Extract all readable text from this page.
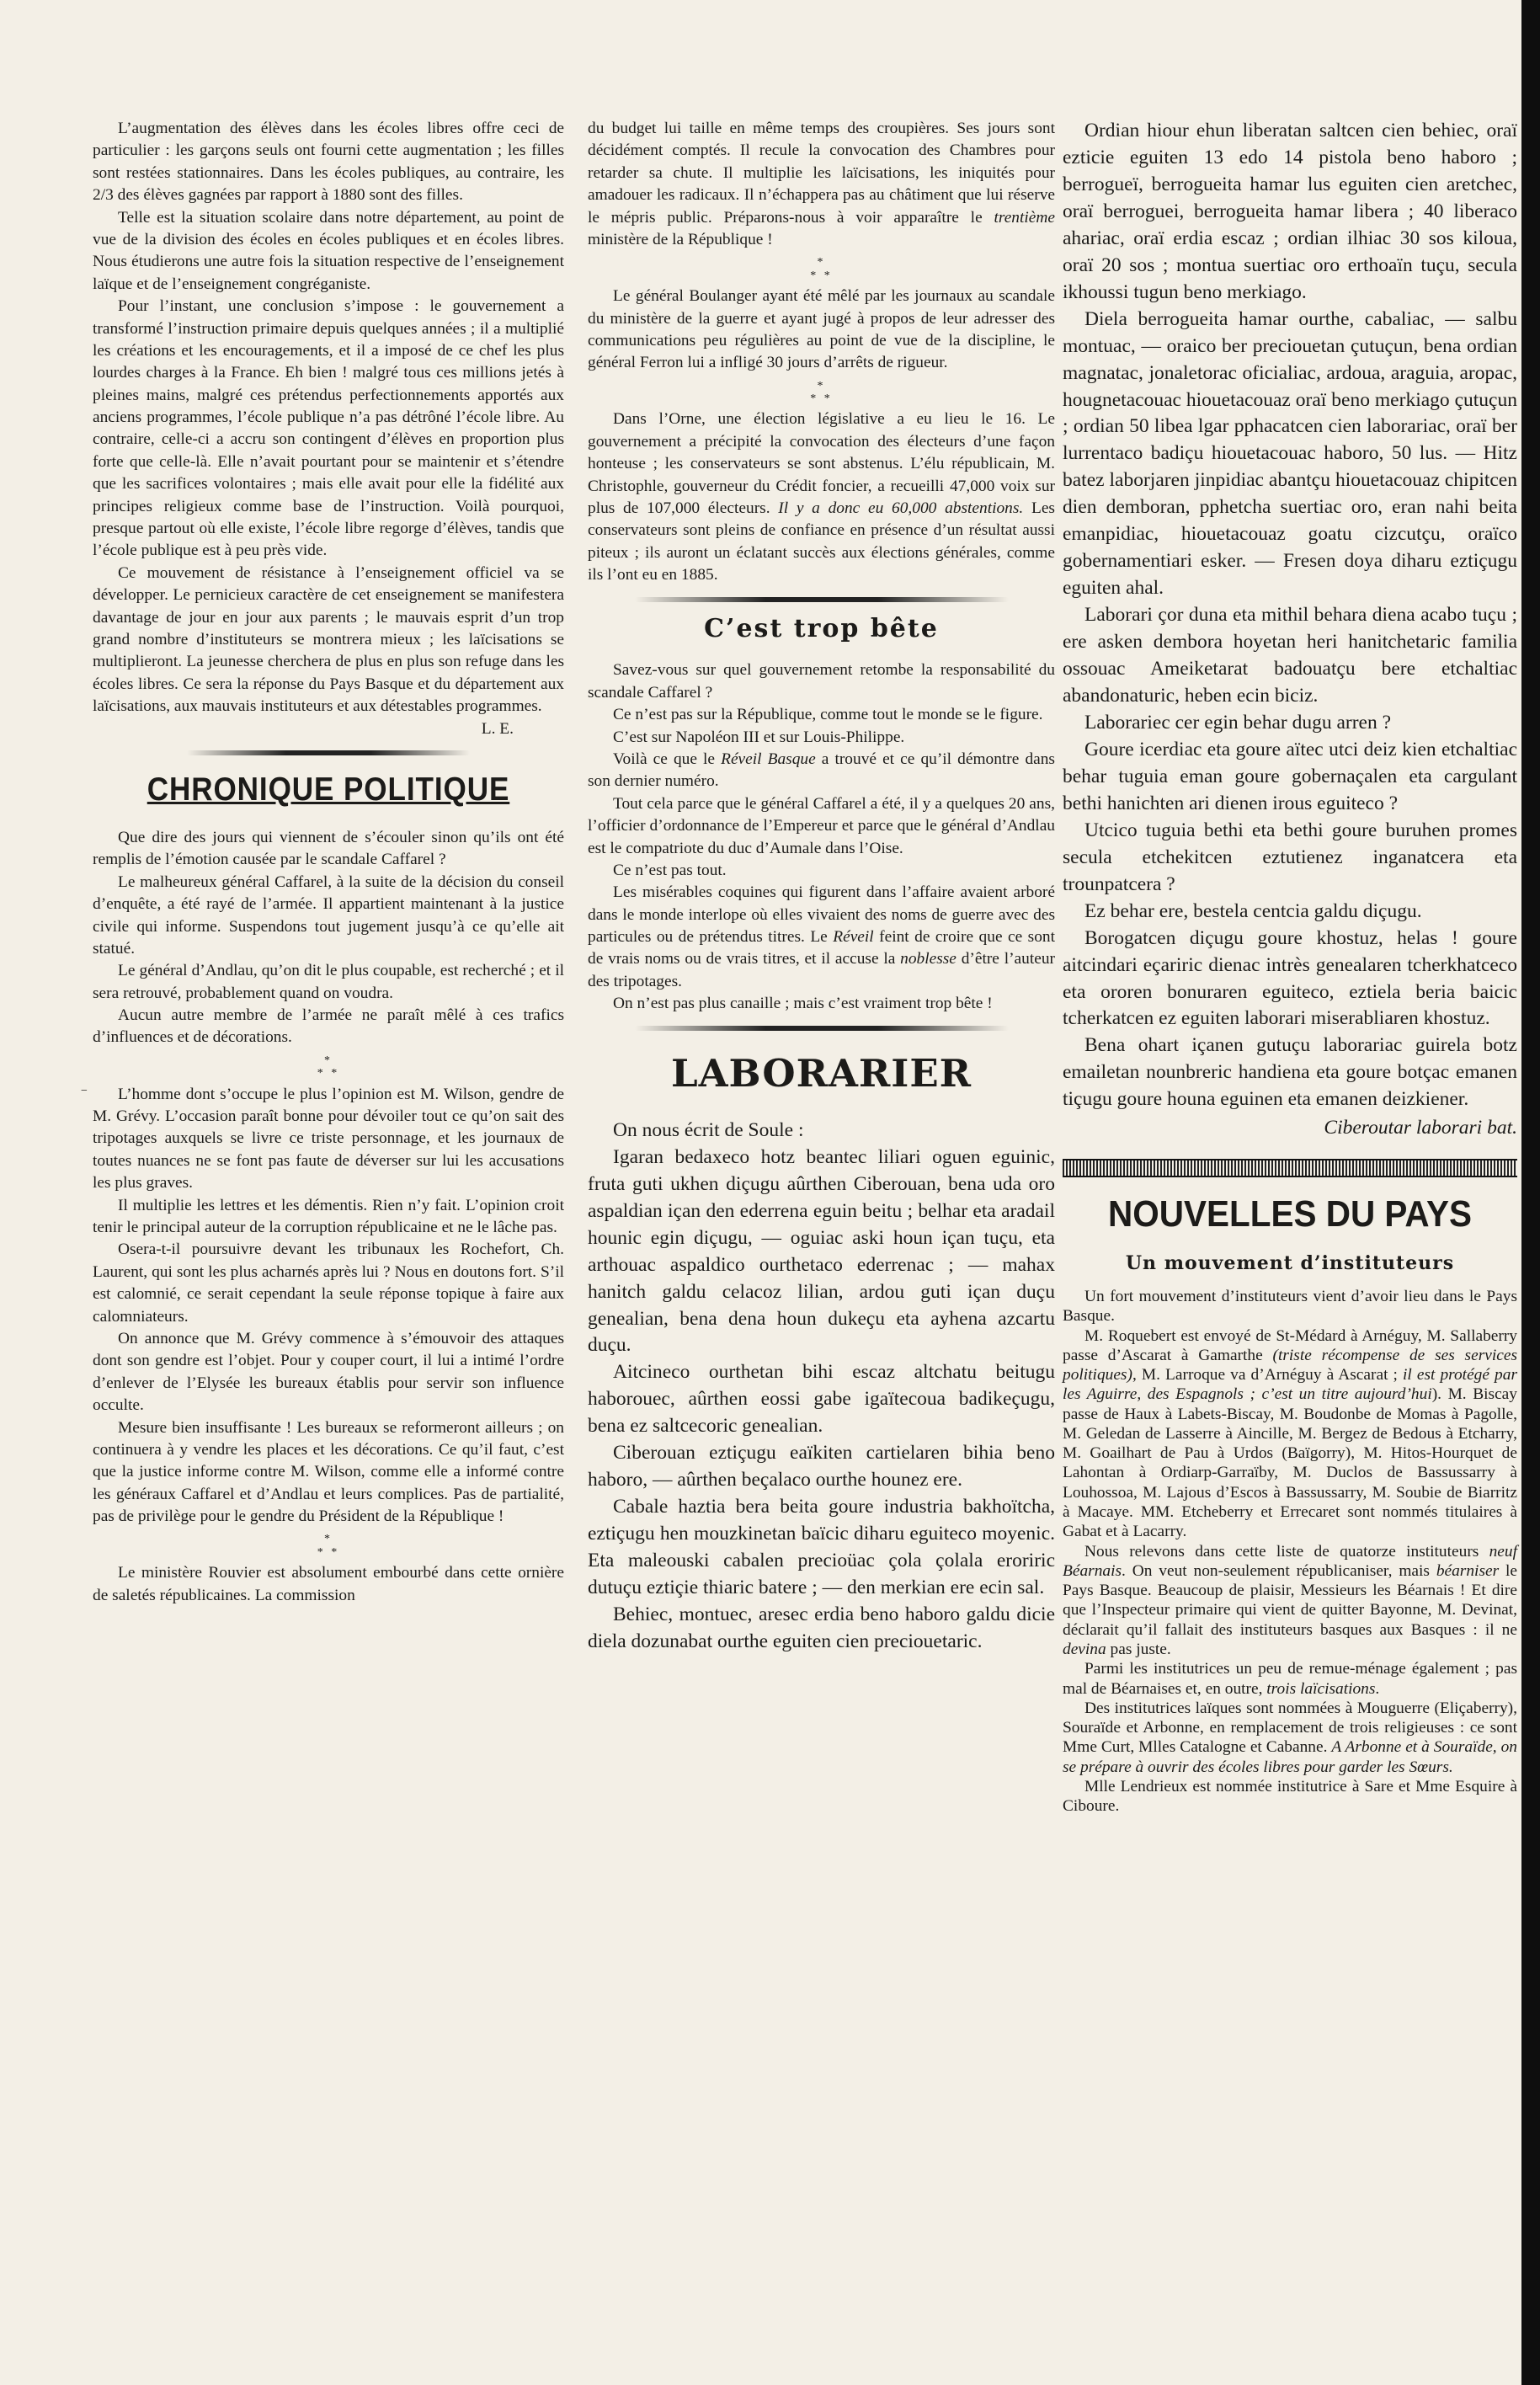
−

L’augmentation des élèves dans les écoles libres offre ceci de particulier : les garçons seuls ont fourni cette augmentation ; les filles sont restées stationnaires. Dans les écoles publiques, au contraire, les 2/3 des élèves gagnées par rapport à 1880 sont des filles.

Telle est la situation scolaire dans notre département, au point de vue de la division des écoles en écoles publiques et en écoles libres. Nous étudierons une autre fois la situation respective de l’enseignement laïque et de l’enseignement congréganiste.

Pour l’instant, une conclusion s’impose : le gouvernement a transformé l’instruction primaire depuis quelques années ; il a multiplié les créations et les encouragements, et il a imposé de ce chef les plus lourdes charges à la France. Eh bien ! malgré tous ces millions jetés à pleines mains, malgré ces prétendus perfectionnements apportés aux anciens programmes, l’école publique n’a pas détrôné l’école libre. Au contraire, celle-ci a accru son contingent d’élèves en proportion plus forte que celle-là. Elle n’avait pourtant pour se maintenir et s’étendre que les sacrifices volontaires ; mais elle avait pour elle la fidélité aux principes religieux comme base de l’instruction. Voilà pourquoi, presque partout où elle existe, l’école libre regorge d’élèves, tandis que l’école publique est à peu près vide.

Ce mouvement de résistance à l’enseignement officiel va se développer. Le pernicieux caractère de cet enseignement se manifestera davantage de jour en jour aux parents ; le mauvais esprit d’un trop grand nombre d’instituteurs se montrera mieux ; les laïcisations se multiplieront. La jeunesse cherchera de plus en plus son refuge dans les écoles libres. Ce sera la réponse du Pays Basque et du département aux laïcisations, aux mauvais instituteurs et aux détestables programmes.

L. E.

CHRONIQUE POLITIQUE

Que dire des jours qui viennent de s’écouler sinon qu’ils ont été remplis de l’émotion causée par le scandale Caffarel ?

Le malheureux général Caffarel, à la suite de la décision du conseil d’enquête, a été rayé de l’armée. Il appartient maintenant à la justice civile qui informe. Suspendons tout jugement jusqu’à ce qu’elle ait statué.

Le général d’Andlau, qu’on dit le plus coupable, est recherché ; et il sera retrouvé, probablement quand on voudra.

Aucun autre membre de l’armée ne paraît mêlé à ces trafics d’influences et de décorations.

*
* *

L’homme dont s’occupe le plus l’opinion est M. Wilson, gendre de M. Grévy. L’occasion paraît bonne pour dévoiler tout ce qu’on sait des tripotages auxquels se livre ce triste personnage, et les journaux de toutes nuances ne se font pas faute de déverser sur lui les accusations les plus graves.

Il multiplie les lettres et les démentis. Rien n’y fait. L’opinion croit tenir le principal auteur de la corruption républicaine et ne le lâche pas.

Osera-t-il poursuivre devant les tribunaux les Rochefort, Ch. Laurent, qui sont les plus acharnés après lui ? Nous en doutons fort. S’il est calomnié, ce serait cependant la seule réponse topique à faire aux calomniateurs.

On annonce que M. Grévy commence à s’émouvoir des attaques dont son gendre est l’objet. Pour y couper court, il lui a intimé l’ordre d’enlever de l’Elysée les bureaux établis pour servir son influence occulte.

Mesure bien insuffisante ! Les bureaux se reformeront ailleurs ; on continuera à y vendre les places et les décorations. Ce qu’il faut, c’est que la justice informe contre M. Wilson, comme elle a informé contre les généraux Caffarel et d’Andlau et leurs complices. Pas de partialité, pas de privilège pour le gendre du Président de la République !

*
* *

Le ministère Rouvier est absolument embourbé dans cette ornière de saletés républicaines. La commission

du budget lui taille en même temps des croupières. Ses jours sont décidément comptés. Il recule la convocation des Chambres pour retarder sa chute. Il multiplie les laïcisations, les iniquités pour amadouer les radicaux. Il n’échappera pas au châtiment que lui réserve le mépris public. Préparons-nous à voir apparaître le trentième ministère de la République !

*
* *

Le général Boulanger ayant été mêlé par les journaux au scandale du ministère de la guerre et ayant jugé à propos de leur adresser des communications peu régulières au point de vue de la discipline, le général Ferron lui a infligé 30 jours d’arrêts de rigueur.

*
* *

Dans l’Orne, une élection législative a eu lieu le 16. Le gouvernement a précipité la convocation des électeurs d’une façon honteuse ; les conservateurs se sont abstenus. L’élu républicain, M. Christophle, gouverneur du Crédit foncier, a recueilli 47,000 voix sur plus de 107,000 électeurs. Il y a donc eu 60,000 abstentions. Les conservateurs sont pleins de confiance en présence d’un résultat aussi piteux ; ils auront un éclatant succès aux élections générales, comme ils l’ont eu en 1885.

C’est trop bête

Savez-vous sur quel gouvernement retombe la responsabilité du scandale Caffarel ?

Ce n’est pas sur la République, comme tout le monde se le figure.

C’est sur Napoléon III et sur Louis-Philippe.

Voilà ce que le Réveil Basque a trouvé et ce qu’il démontre dans son dernier numéro.

Tout cela parce que le général Caffarel a été, il y a quelques 20 ans, l’officier d’ordonnance de l’Empereur et parce que le général d’Andlau est le compatriote du duc d’Aumale dans l’Oise.

Ce n’est pas tout.

Les misérables coquines qui figurent dans l’affaire avaient arboré dans le monde interlope où elles vivaient des noms de guerre avec des particules ou de prétendus titres. Le Réveil feint de croire que ce sont de vrais noms ou de vrais titres, et il accuse la noblesse d’être l’auteur des tripotages.

On n’est pas plus canaille ; mais c’est vraiment trop bête !

LABORARIER

On nous écrit de Soule :

Igaran bedaxeco hotz beantec liliari oguen eguinic, fruta guti ukhen diçugu aûrthen Ciberouan, bena uda oro aspaldian içan den ederrena eguin beitu ; belhar eta aradail hounic egin diçugu, — oguiac aski houn içan tuçu, eta arthouac aspaldico ourthetaco ederrenac ; — mahax hanitch galdu celacoz lilian, ardou guti içan duçu genealian, bena dena houn dukeçu eta ayhena azcartu duçu.

Aitcineco ourthetan bihi escaz altchatu beitugu haborouec, aûrthen eossi gabe igaïtecoua badikeçugu, bena ez saltcecoric genealian.

Ciberouan eztiçugu eaïkiten cartielaren bihia beno haboro, — aûrthen beçalaco ourthe hounez ere.

Cabale haztia bera beita goure industria bakhoïtcha, eztiçugu hen mouzkinetan baïcic diharu eguiteco moyenic. Eta maleouski cabalen precioüac çola çolala eroriric dutuçu eztiçie thiaric batere ; — den merkian ere ecin sal.

Behiec, montuec, aresec erdia beno haboro galdu dicie diela dozunabat ourthe eguiten cien preciouetaric.

Ordian hiour ehun liberatan saltcen cien behiec, oraï ezticie eguiten 13 edo 14 pistola beno haboro ; berrogueï, berrogueita hamar lus eguiten cien aretchec, oraï berroguei, berrogueita hamar libera ; 40 liberaco ahariac, oraï erdia escaz ; ordian ilhiac 30 sos kiloua, oraï 20 sos ; montua suertiac oro erthoaïn tuçu, secula ikhoussi tugun beno merkiago.

Diela berrogueita hamar ourthe, cabaliac, — salbu montuac, — oraico ber preciouetan çutuçun, bena ordian magnatac, jonaletorac oficialiac, ardoua, araguia, aropac, hougnetacouac hiouetacouaz oraï beno merkiago çutuçun ; ordian 50 libea lgar pphacatcen cien laborariac, oraï ber lurrentaco badiçu hiouetacouac haboro, 50 lus. — Hitz batez laborjaren jinpidiac abantçu hiouetacouaz chipitcen dien demboran, pphetcha suertiac oro, eran nahi beita emanpidiac, hiouetacouaz goatu cizcutçu, oraïco gobernamentiari esker. — Fresen doya diharu eztiçugu eguiten ahal.

Laborari çor duna eta mithil behara diena acabo tuçu ; ere asken dembora hoyetan heri hanitchetaric familia ossouac Ameiketarat badouatçu bere etchaltiac abandonaturic, heben ecin biciz.

Laborariec cer egin behar dugu arren ?

Goure icerdiac eta goure aïtec utci deiz kien etchaltiac behar tuguia eman goure gobernaçalen eta cargulant bethi hanichten ari dienen irous eguiteco ?

Utcico tuguia bethi eta bethi goure buruhen promes secula etchekitcen eztutienez inganatcera eta trounpatcera ?

Ez behar ere, bestela centcia galdu diçugu.

Borogatcen diçugu goure khostuz, helas ! goure aitcindari eçariric dienac intrès genealaren tcherkhatceco eta ororen bonuraren eguiteco, eztiela beria baicic tcherkatcen ez eguiten laborari miserabliaren khostuz.

Bena ohart içanen gutuçu laborariac guirela botz emailetan nounbreric handiena eta goure botçac emanen tiçugu goure houna eguinen eta emanen deizkiener.

Ciberoutar laborari bat.

NOUVELLES DU PAYS
Un mouvement d’instituteurs

Un fort mouvement d’instituteurs vient d’avoir lieu dans le Pays Basque.

M. Roquebert est envoyé de St-Médard à Arnéguy, M. Sallaberry passe d’Ascarat à Gamarthe (triste récompense de ses services politiques), M. Larroque va d’Arnéguy à Ascarat ; il est protégé par les Aguirre, des Espagnols ; c’est un titre aujourd’hui). M. Biscay passe de Haux à Labets-Biscay, M. Boudonbe de Momas à Pagolle, M. Geledan de Lasserre à Aincille, M. Bergez de Bedous à Etcharry, M. Goailhart de Pau à Urdos (Baïgorry), M. Hitos-Hourquet de Lahontan à Ordiarp-Garraïby, M. Duclos de Bassussarry à Louhossoa, M. Lajous d’Escos à Bassussarry, M. Soubie de Biarritz à Macaye. MM. Etcheberry et Errecaret sont nommés titulaires à Gabat et à Lacarry.

Nous relevons dans cette liste de quatorze instituteurs neuf Béarnais. On veut non-seulement républicaniser, mais béarniser le Pays Basque. Beaucoup de plaisir, Messieurs les Béarnais ! Et dire que l’Inspecteur primaire qui vient de quitter Bayonne, M. Devinat, déclarait qu’il fallait des instituteurs basques aux Basques : il ne devina pas juste.

Parmi les institutrices un peu de remue-ménage également ; pas mal de Béarnaises et, en outre, trois laïcisations.

Des institutrices laïques sont nommées à Mouguerre (Eliçaberry), Souraïde et Arbonne, en remplacement de trois religieuses : ce sont Mme Curt, Mlles Catalogne et Cabanne. A Arbonne et à Souraïde, on se prépare à ouvrir des écoles libres pour garder les Sœurs.

Mlle Lendrieux est nommée institutrice à Sare et Mme Esquire à Ciboure.
